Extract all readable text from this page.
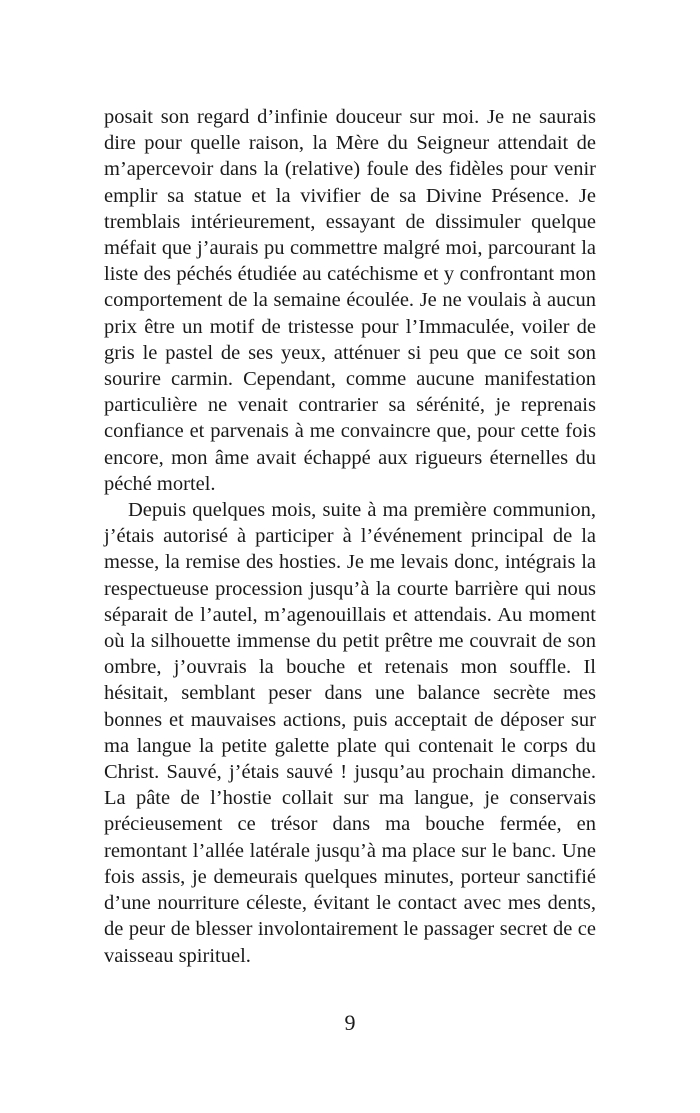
posait son regard d’infinie douceur sur moi. Je ne saurais dire pour quelle raison, la Mère du Seigneur attendait de m’apercevoir dans la (relative) foule des fidèles pour venir emplir sa statue et la vivifier de sa Divine Présence. Je tremblais intérieurement, essayant de dissimuler quelque méfait que j’aurais pu commettre malgré moi, parcourant la liste des péchés étudiée au catéchisme et y confrontant mon comportement de la semaine écoulée. Je ne voulais à aucun prix être un motif de tristesse pour l’Immaculée, voiler de gris le pastel de ses yeux, atténuer si peu que ce soit son sourire carmin. Cependant, comme aucune manifestation particulière ne venait contrarier sa sérénité, je reprenais confiance et parvenais à me convaincre que, pour cette fois encore, mon âme avait échappé aux rigueurs éternelles du péché mortel.

Depuis quelques mois, suite à ma première communion, j’étais autorisé à participer à l’événement principal de la messe, la remise des hosties. Je me levais donc, intégrais la respectueuse procession jusqu’à la courte barrière qui nous séparait de l’autel, m’agenouillais et attendais. Au moment où la silhouette immense du petit prêtre me couvrait de son ombre, j’ouvrais la bouche et retenais mon souffle. Il hésitait, semblant peser dans une balance secrète mes bonnes et mauvaises actions, puis acceptait de déposer sur ma langue la petite galette plate qui contenait le corps du Christ. Sauvé, j’étais sauvé ! jusqu’au prochain dimanche. La pâte de l’hostie collait sur ma langue, je conservais précieusement ce trésor dans ma bouche fermée, en remontant l’allée latérale jusqu’à ma place sur le banc. Une fois assis, je demeurais quelques minutes, porteur sanctifié d’une nourriture céleste, évitant le contact avec mes dents, de peur de blesser involontairement le passager secret de ce vaisseau spirituel.

9
